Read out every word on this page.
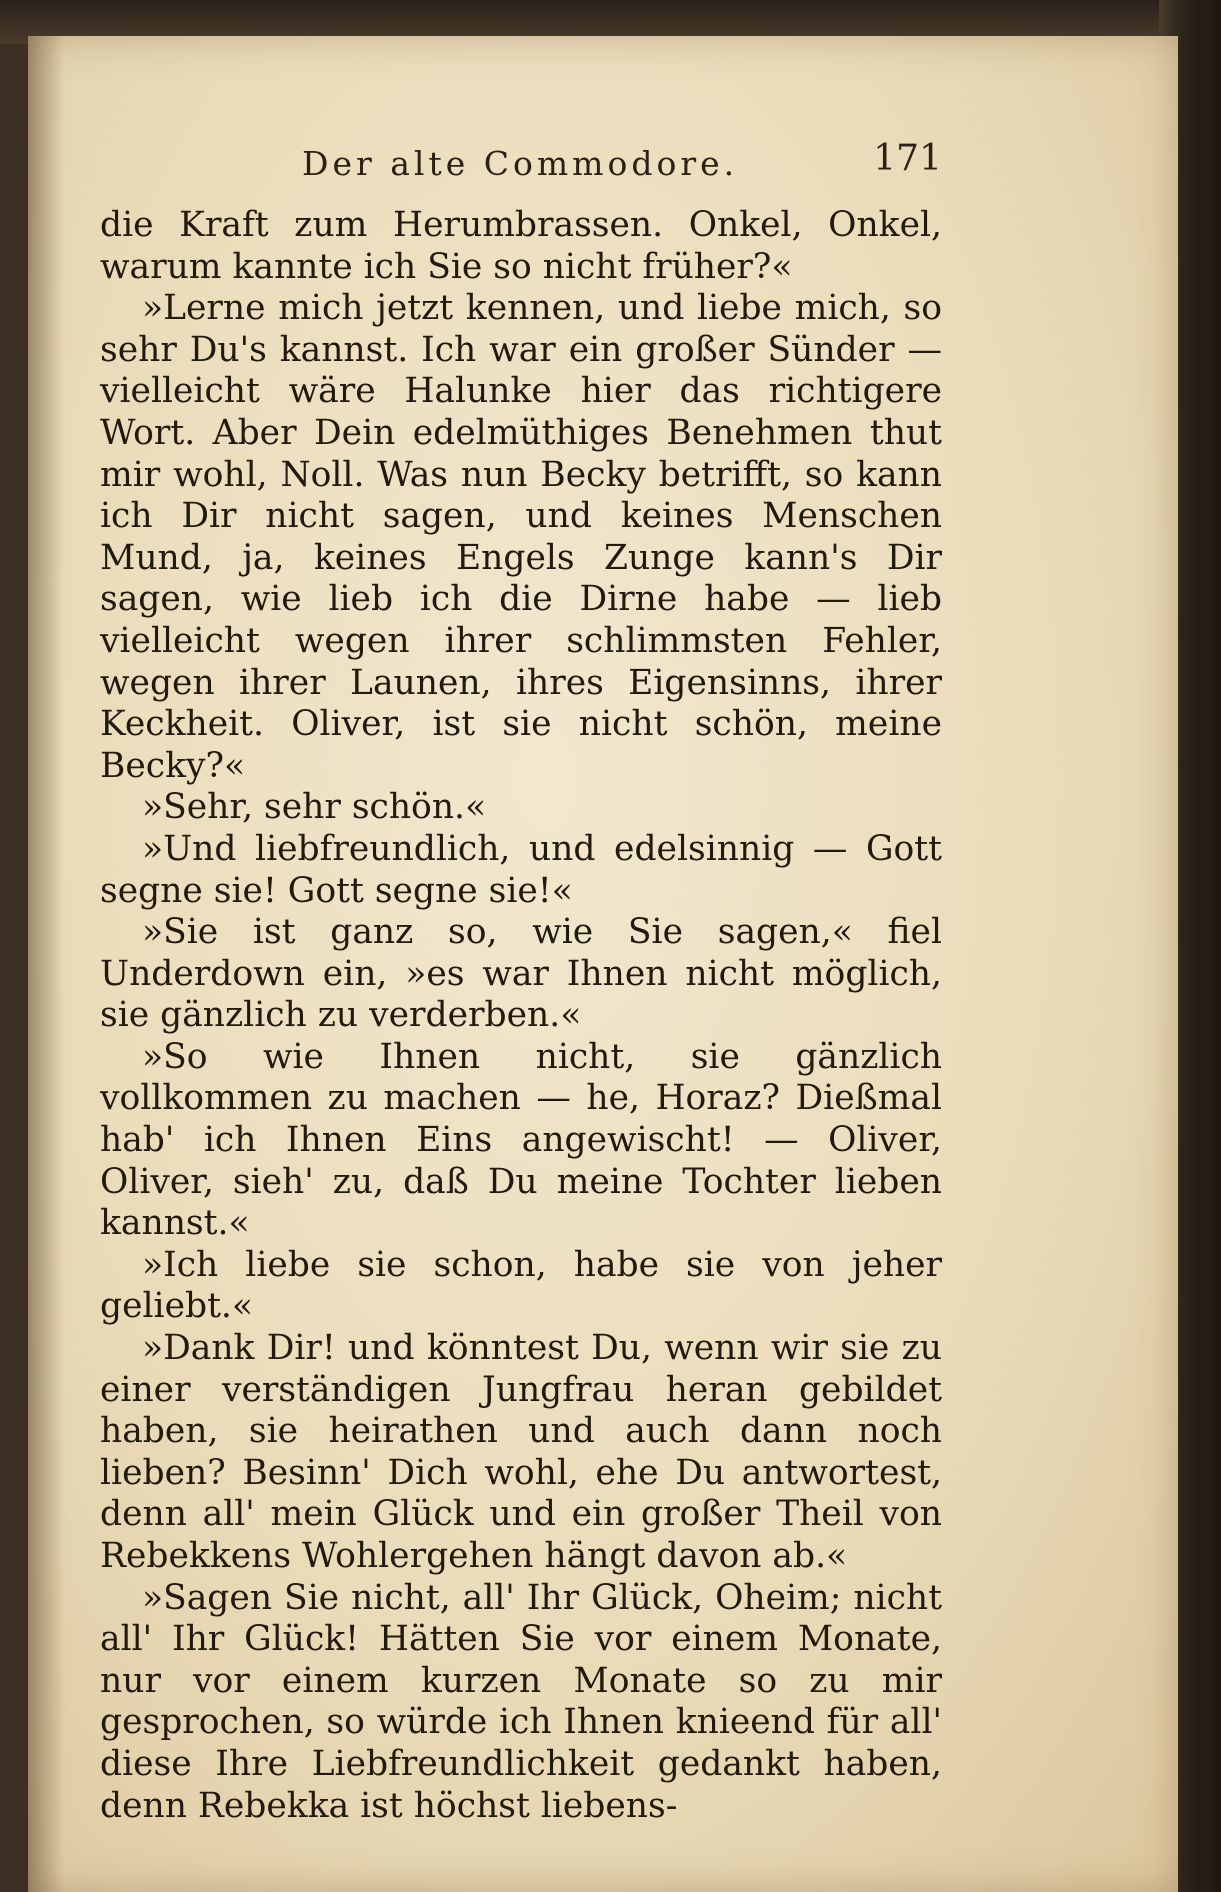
Der alte Commodore.	171

die Kraft zum Herumbrassen. Onkel, Onkel, warum kannte ich Sie so nicht früher?«

»Lerne mich jetzt kennen, und liebe mich, so sehr Du's kannst. Ich war ein großer Sünder — vielleicht wäre Halunke hier das richtigere Wort. Aber Dein edelmüthiges Benehmen thut mir wohl, Noll. Was nun Becky betrifft, so kann ich Dir nicht sagen, und keines Menschen Mund, ja, keines Engels Zunge kann's Dir sagen, wie lieb ich die Dirne habe — lieb vielleicht wegen ihrer schlimmsten Fehler, wegen ihrer Launen, ihres Eigensinns, ihrer Keckheit. Oliver, ist sie nicht schön, meine Becky?«

»Sehr, sehr schön.«

»Und liebfreundlich, und edelsinnig — Gott segne sie! Gott segne sie!«

»Sie ist ganz so, wie Sie sagen,« fiel Underdown ein, »es war Ihnen nicht möglich, sie gänzlich zu verderben.«

»So wie Ihnen nicht, sie gänzlich vollkommen zu machen — he, Horaz? Dießmal hab' ich Ihnen Eins angewischt! — Oliver, Oliver, sieh' zu, daß Du meine Tochter lieben kannst.«

»Ich liebe sie schon, habe sie von jeher geliebt.«

»Dank Dir! und könntest Du, wenn wir sie zu einer verständigen Jungfrau heran gebildet haben, sie heirathen und auch dann noch lieben? Besinn' Dich wohl, ehe Du antwortest, denn all' mein Glück und ein großer Theil von Rebekkens Wohlergehen hängt davon ab.«

»Sagen Sie nicht, all' Ihr Glück, Oheim; nicht all' Ihr Glück! Hätten Sie vor einem Monate, nur vor einem kurzen Monate so zu mir gesprochen, so würde ich Ihnen knieend für all' diese Ihre Liebfreundlichkeit gedankt haben, denn Rebekka ist höchst liebens-
